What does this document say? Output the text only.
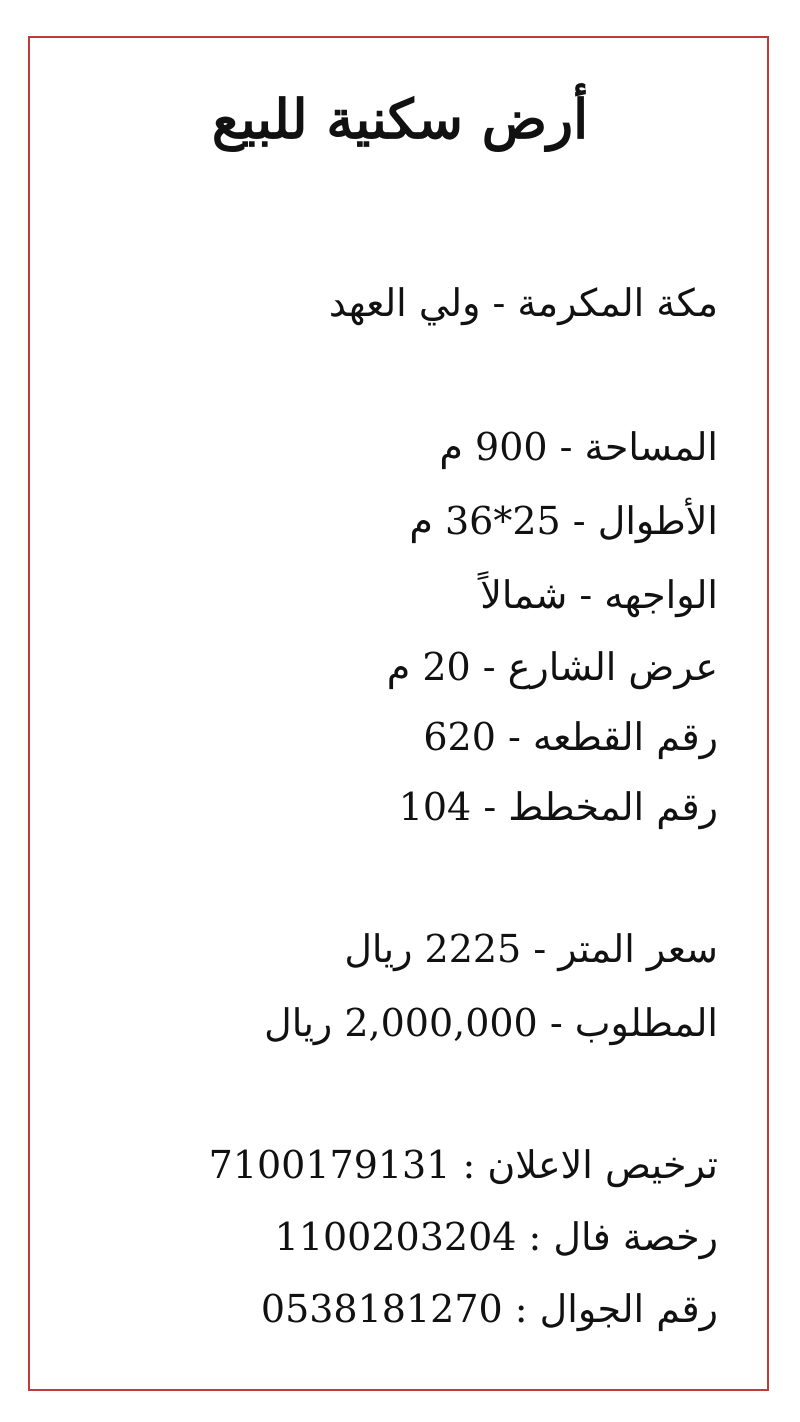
أرض سكنية للبيع
مكة المكرمة - ولي العهد
المساحة - 900 م
الأطوال - 25*36 م
الواجهه - شمالاً
عرض الشارع - 20 م
رقم القطعه - 620
رقم المخطط - 104
سعر المتر - 2225 ريال
المطلوب - 2,000,000 ريال
ترخيص الاعلان : 7100179131
رخصة فال : 1100203204
رقم الجوال : 0538181270
